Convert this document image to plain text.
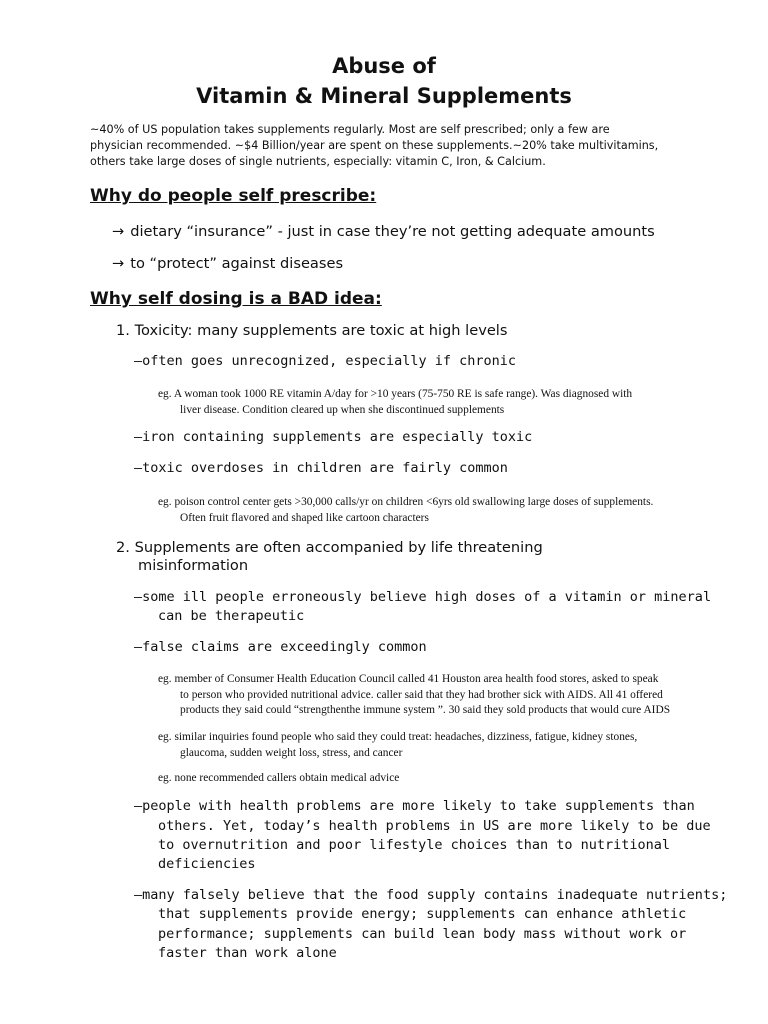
Abuse of
Vitamin & Mineral Supplements
~40% of US population takes supplements regularly. Most are self prescribed; only a few are
physician recommended. ~$4 Billion/year are spent on these supplements.~20% take multivitamins,
others take large doses of single nutrients, especially: vitamin C, Iron, & Calcium.
Why do people self prescribe:
→ dietary “insurance” - just in case they’re not getting adequate amounts
→ to “protect” against diseases
Why self dosing is a BAD idea:
1. Toxicity: many supplements are toxic at high levels
–often goes unrecognized, especially if chronic
eg. A woman took 1000 RE vitamin A/day for >10 years (75-750 RE is safe range). Was diagnosed with
liver disease. Condition cleared up when she discontinued supplements
–iron containing supplements are especially toxic
–toxic overdoses in children are fairly common
eg. poison control center gets >30,000 calls/yr on children <6yrs old swallowing large doses of supplements.
Often fruit flavored and shaped like cartoon characters
2. Supplements are often accompanied by life threatening
misinformation
–some ill people erroneously believe high doses of a vitamin or mineral
can be therapeutic
–false claims are exceedingly common
eg. member of Consumer Health Education Council called 41 Houston area health food stores, asked to speak
to person who provided nutritional advice. caller said that they had brother sick with AIDS. All 41 offered
products they said could “strengthenthe immune system ”. 30 said they sold products that would cure AIDS
eg. similar inquiries found people who said they could treat: headaches, dizziness, fatigue, kidney stones,
glaucoma, sudden weight loss, stress, and cancer
eg. none recommended callers obtain medical advice
–people with health problems are more likely to take supplements than
others. Yet, today’s health problems in US are more likely to be due
to overnutrition and poor lifestyle choices than to nutritional
deficiencies
–many falsely believe that the food supply contains inadequate nutrients;
that supplements provide energy; supplements can enhance athletic
performance; supplements can build lean body mass without work or
faster than work alone
